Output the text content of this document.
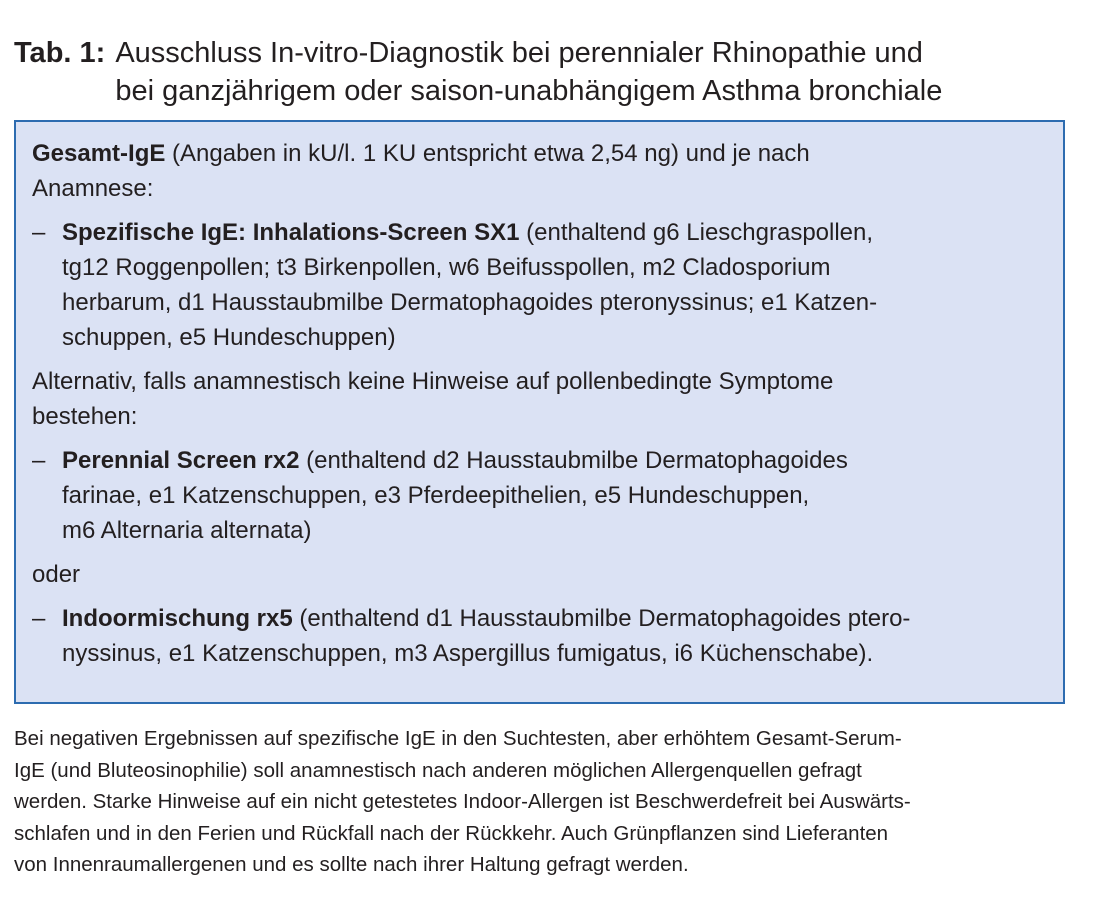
Tab. 1: Ausschluss In-vitro-Diagnostik bei perennialer Rhinopathie und
bei ganzjährigem oder saison-unabhängigem Asthma bronchiale

Gesamt-IgE (Angaben in kU/l. 1 KU entspricht etwa 2,54 ng) und je nach
Anamnese:

– Spezifische IgE: Inhalations-Screen SX1 (enthaltend g6 Lieschgraspollen,
tg12 Roggenpollen; t3 Birkenpollen, w6 Beifusspollen, m2 Cladosporium
herbarum, d1 Hausstaubmilbe Dermatophagoides pteronyssinus; e1 Katzen-
schuppen, e5 Hundeschuppen)

Alternativ, falls anamnestisch keine Hinweise auf pollenbedingte Symptome
bestehen:

– Perennial Screen rx2 (enthaltend d2 Hausstaubmilbe Dermatophagoides
farinae, e1 Katzenschuppen, e3 Pferdeepithelien, e5 Hundeschuppen,
m6 Alternaria alternata)

oder

– Indoormischung rx5 (enthaltend d1 Hausstaubmilbe Dermatophagoides ptero-
nyssinus, e1 Katzenschuppen, m3 Aspergillus fumigatus, i6 Küchenschabe).
Bei negativen Ergebnissen auf spezifische IgE in den Suchtesten, aber erhöhtem Gesamt-Serum-
IgE (und Bluteosinophilie) soll anamnestisch nach anderen möglichen Allergenquellen gefragt
werden. Starke Hinweise auf ein nicht getestetes Indoor-Allergen ist Beschwerdefreit bei Auswärts-
schlafen und in den Ferien und Rückfall nach der Rückkehr. Auch Grünpflanzen sind Lieferanten
von Innenraumallergenen und es sollte nach ihrer Haltung gefragt werden.
